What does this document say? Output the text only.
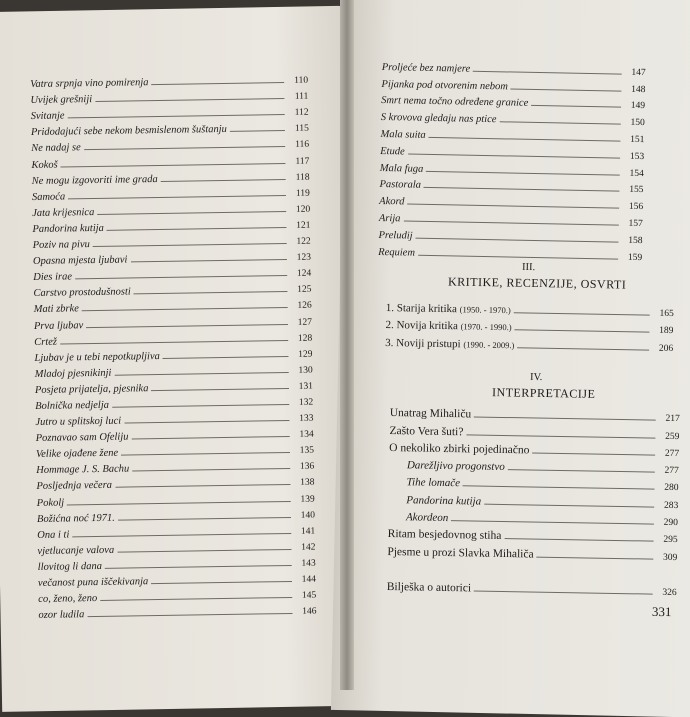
Vatra srpnja vino pomirenja	110
Uvijek grešniji	111
Svitanje	112
Pridodajući sebe nekom besmislenom šuštanju	115
Ne nadaj se	116
Kokoš	117
Ne mogu izgovoriti ime grada	118
Samoća	119
Jata krijesnica	120
Pandorina kutija	121
Poziv na pivu	122
Opasna mjesta ljubavi	123
Dies irae	124
Carstvo prostodušnosti	125
Mati zbrke	126
Prva ljubav	127
Crtež	128
Ljubav je u tebi nepotkupljiva	129
Mladoj pjesnikinji	130
Posjeta prijatelja, pjesnika	131
Bolnička nedjelja	132
Jutro u splitskoj luci	133
Poznavao sam Ofeliju	134
Velike ojađene žene	135
Hommage J. S. Bachu	136
Posljednja večera	138
Pokolj	139
Božićna noć 1971.	140
Ona i ti	141
vjetlucanje valova	142
llovitog li dana	143
večanost puna iščekivanja	144
co, ženo, ženo	145
ozor ludila	146
Proljeće bez namjere	147
Pijanka pod otvorenim nebom	148
Smrt nema točno određene granice	149
S krovova gledaju nas ptice	150
Mala suita	151
Etude	153
Mala fuga	154
Pastorala	155
Akord	156
Arija	157
Preludij	158
Requiem	159
III.
KRITIKE, RECENZIJE, OSVRTI
1. Starija kritika (1950. - 1970.)	165
2. Novija kritika (1970. - 1990.)	189
3. Noviji pristupi (1990. - 2009.)	206
IV.
INTERPRETACIJE
Unatrag Mihaliču	217
Zašto Vera šuti?	259
O nekoliko zbirki pojedinačno	277
Darežljivo progonstvo	277
Tihe lomače	280
Pandorina kutija	283
Akordeon	290
Ritam besjedovnog stiha	295
Pjesme u prozi Slavka Mihaliča	309
Bilješka o autorici	326
331
